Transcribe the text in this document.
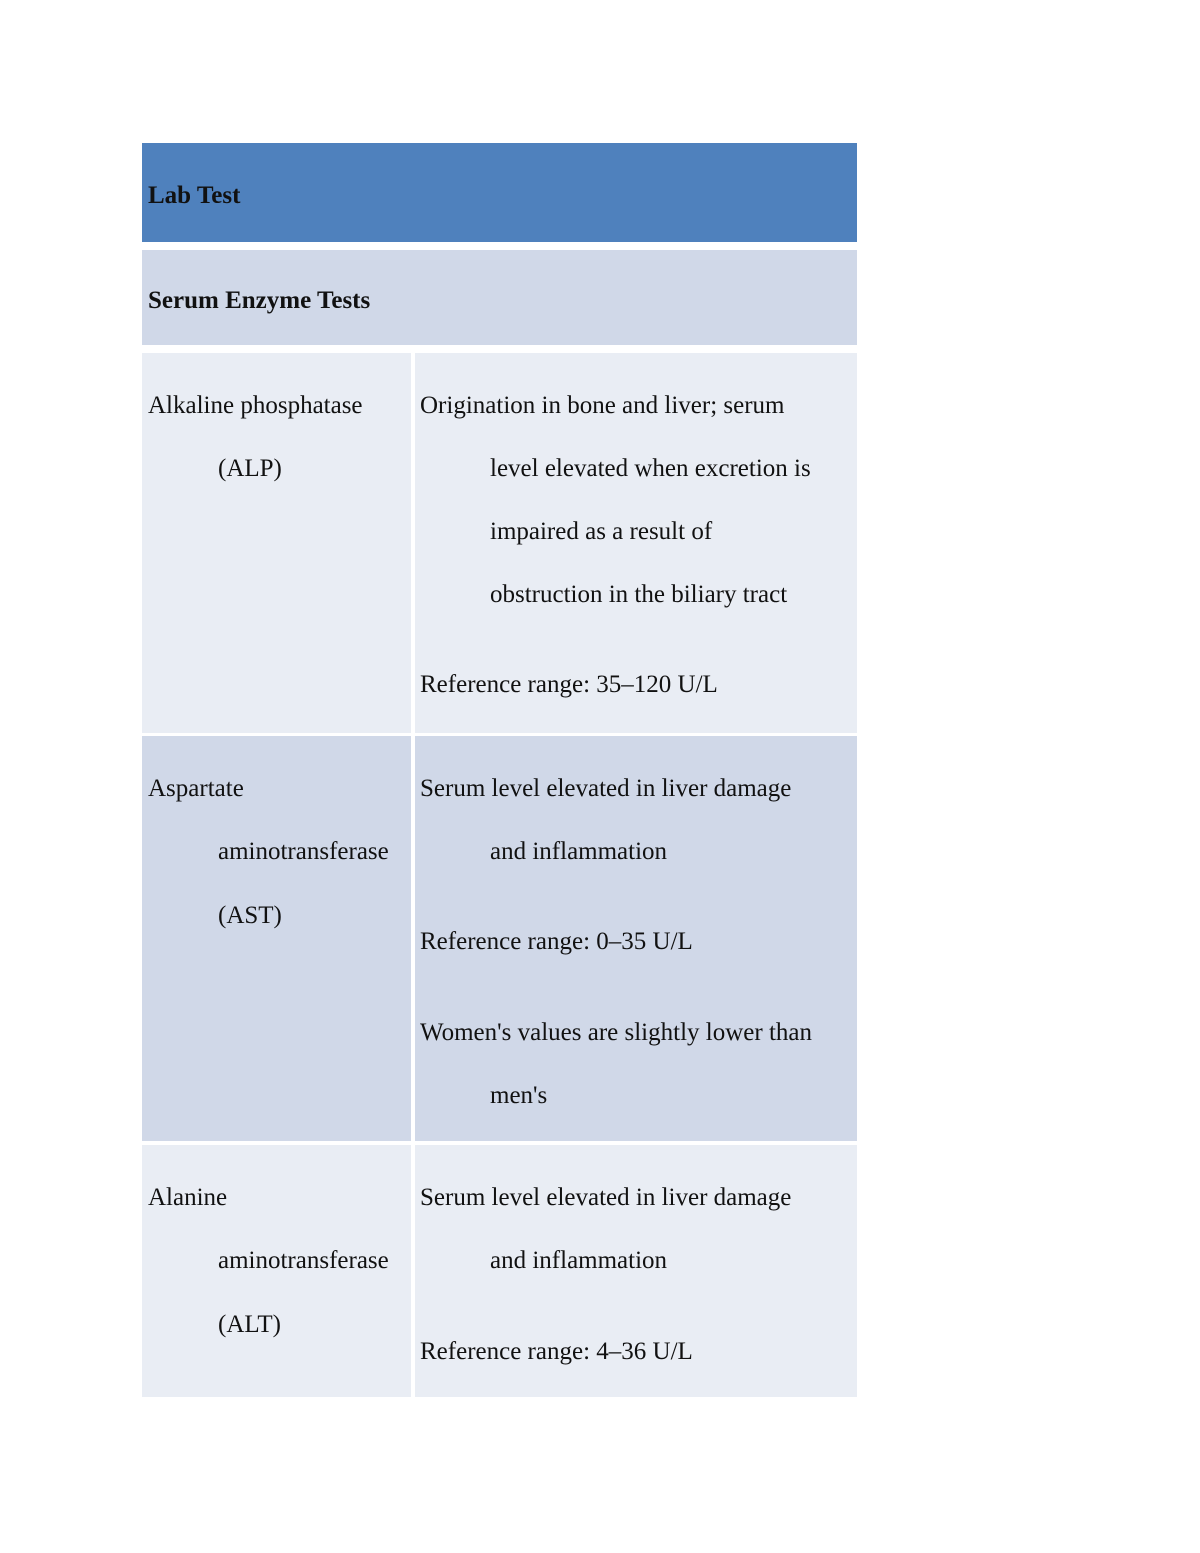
Lab Test
Serum Enzyme Tests
Alkaline phosphatase
(ALP)
Origination in bone and liver; serum
level elevated when excretion is
impaired as a result of
obstruction in the biliary tract
Reference range: 35–120 U/L
Aspartate
aminotransferase
(AST)
Serum level elevated in liver damage
and inflammation
Reference range: 0–35 U/L
Women's values are slightly lower than
men's
Alanine
aminotransferase
(ALT)
Serum level elevated in liver damage
and inflammation
Reference range: 4–36 U/L
